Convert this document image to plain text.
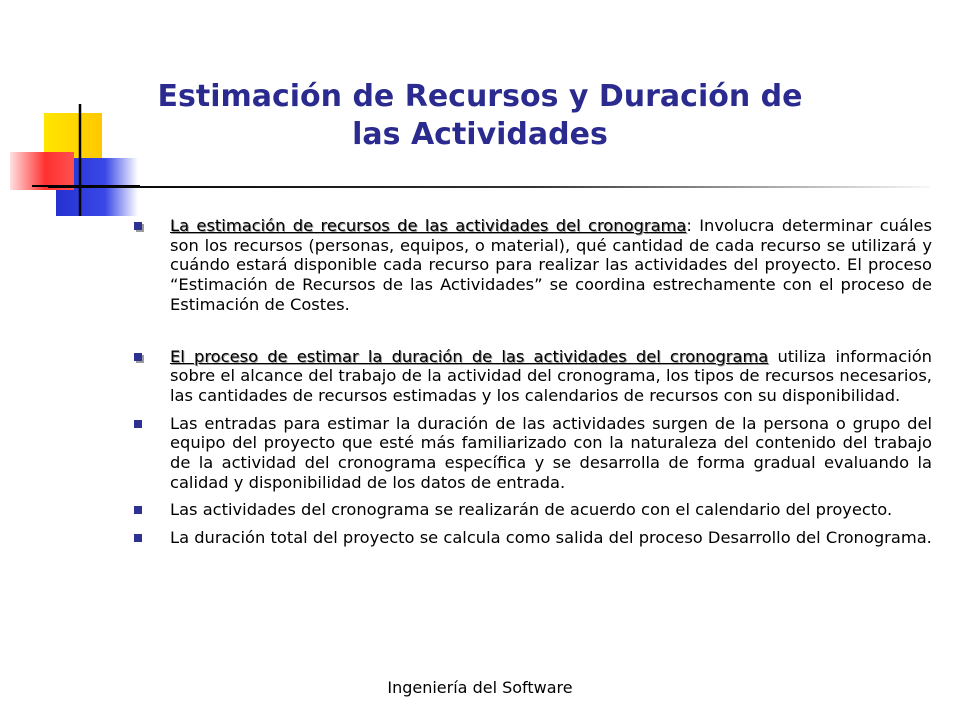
Estimación de Recursos y Duración de las Actividades
La estimación de recursos de las actividades del cronograma: Involucra determinar cuáles son los recursos (personas, equipos, o material), qué cantidad de cada recurso se utilizará y cuándo estará disponible cada recurso para realizar las actividades del proyecto. El proceso “Estimación de Recursos de las Actividades” se coordina estrechamente con el proceso de Estimación de Costes.
El proceso de estimar la duración de las actividades del cronograma utiliza información sobre el alcance del trabajo de la actividad del cronograma, los tipos de recursos necesarios, las cantidades de recursos estimadas y los calendarios de recursos con su disponibilidad.
Las entradas para estimar la duración de las actividades surgen de la persona o grupo del equipo del proyecto que esté más familiarizado con la naturaleza del contenido del trabajo de la actividad del cronograma específica y se desarrolla de forma gradual evaluando la calidad y disponibilidad de los datos de entrada.
Las actividades del cronograma se realizarán de acuerdo con el calendario del proyecto.
La duración total del proyecto se calcula como salida del proceso Desarrollo del Cronograma.
Ingeniería del Software
